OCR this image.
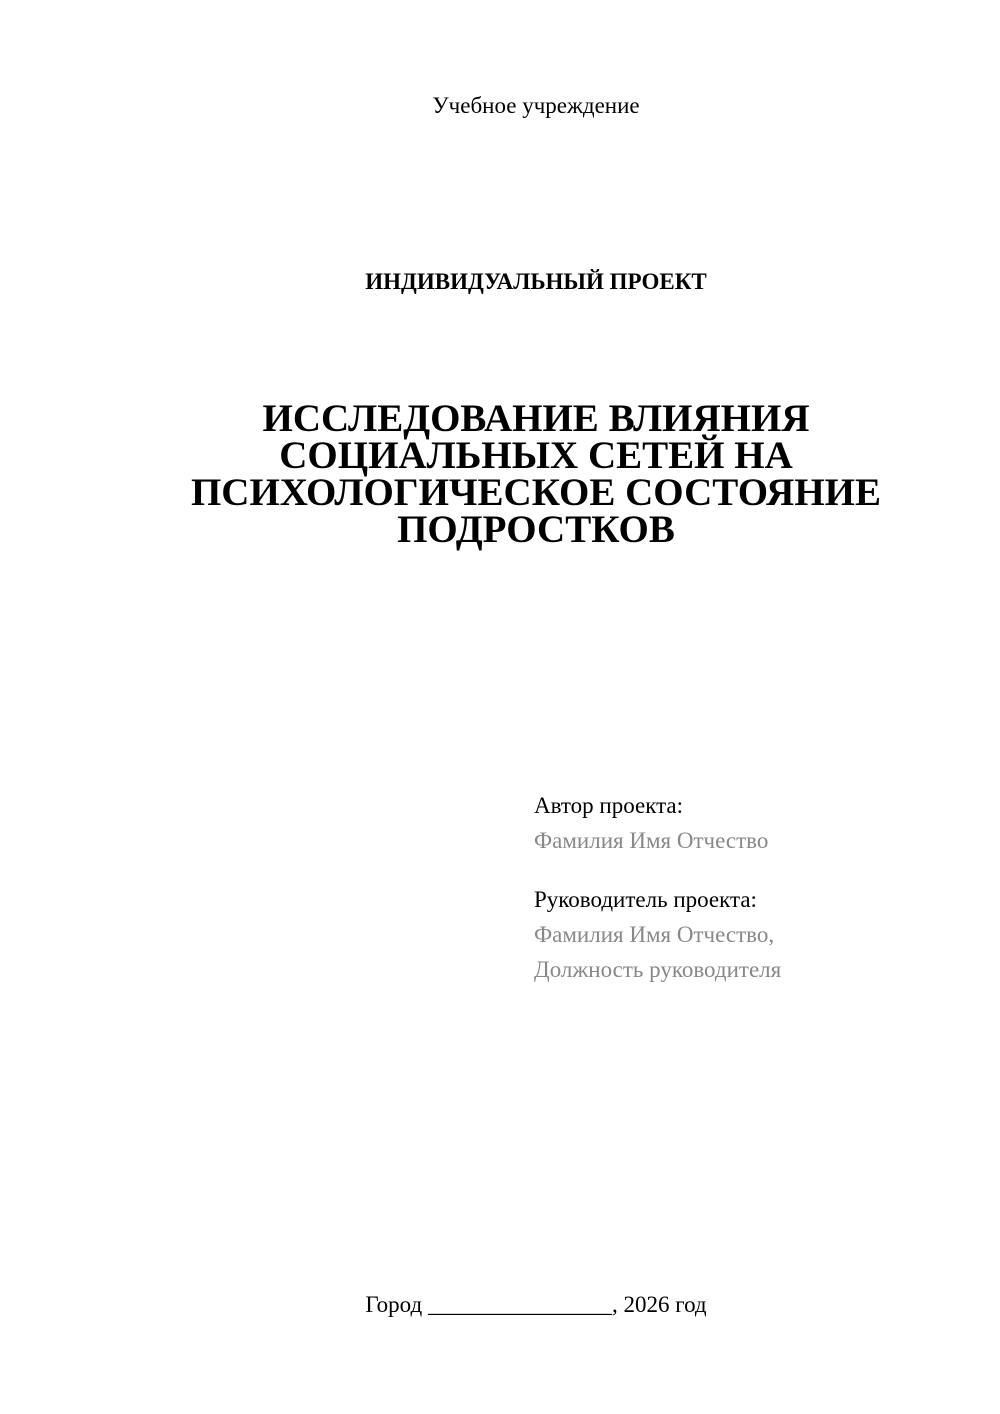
Учебное учреждение
ИНДИВИДУАЛЬНЫЙ ПРОЕКТ
ИССЛЕДОВАНИЕ ВЛИЯНИЯ
СОЦИАЛЬНЫХ СЕТЕЙ НА
ПСИХОЛОГИЧЕСКОЕ СОСТОЯНИЕ
ПОДРОСТКОВ
Автор проекта:
Фамилия Имя Отчество
Руководитель проекта:
Фамилия Имя Отчество,
Должность руководителя
Город ________________, 2026 год
